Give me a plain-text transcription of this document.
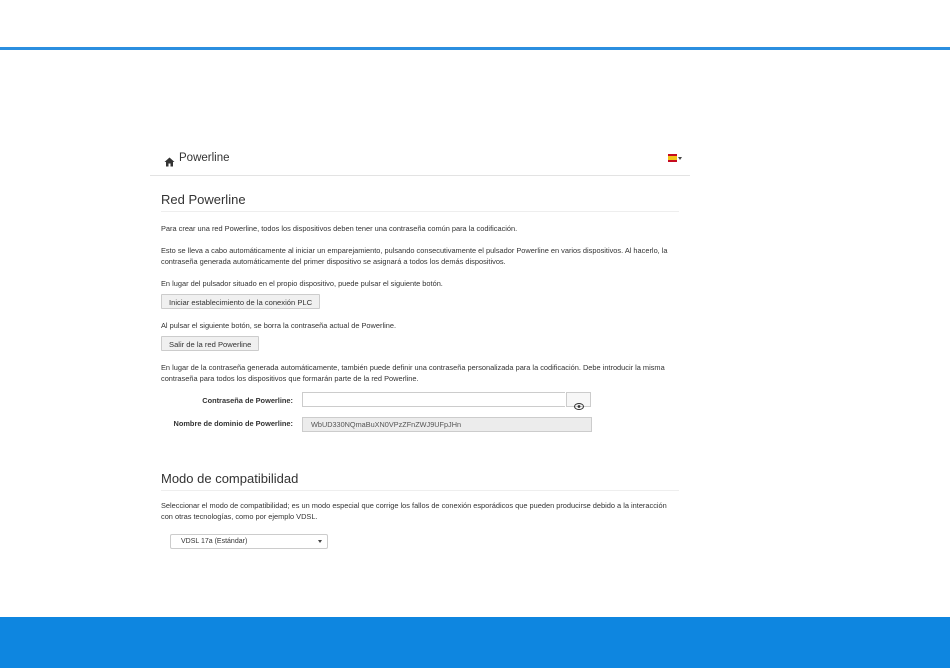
Powerline
Red Powerline

Para crear una red Powerline, todos los dispositivos deben tener una contraseña común para la codificación.

Esto se lleva a cabo automáticamente al iniciar un emparejamiento, pulsando consecutivamente el pulsador Powerline en varios dispositivos. Al hacerlo, la contraseña generada automáticamente del primer dispositivo se asignará a todos los demás dispositivos.

En lugar del pulsador situado en el propio dispositivo, puede pulsar el siguiente botón.

Iniciar establecimiento de la conexión PLC

Al pulsar el siguiente botón, se borra la contraseña actual de Powerline.

Salir de la red Powerline

En lugar de la contraseña generada automáticamente, también puede definir una contraseña personalizada para la codificación. Debe introducir la misma contraseña para todos los dispositivos que formarán parte de la red Powerline.

Contraseña de Powerline:
Nombre de dominio de Powerline:	WbUD330NQmaBuXN0VPzZFnZWJ9UFpJHn
Modo de compatibilidad

Seleccionar el modo de compatibilidad; es un modo especial que corrige los fallos de conexión esporádicos que pueden producirse debido a la interacción con otras tecnologías, como por ejemplo VDSL.

VDSL 17a (Estándar)
